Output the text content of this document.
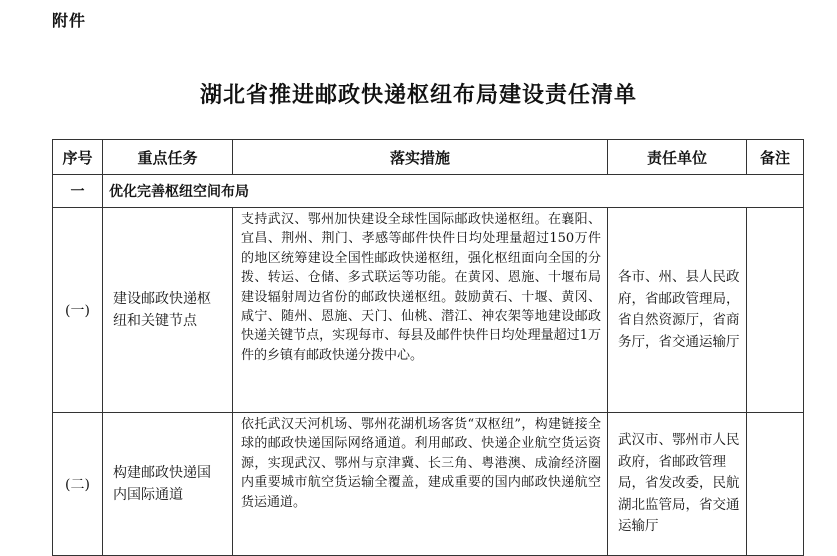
附件
湖北省推进邮政快递枢纽布局建设责任清单
序号	重点任务	落实措施	责任单位	备注
一	优化完善枢纽空间布局			
(一)	建设邮政快递枢纽和关键节点	支持武汉、鄂州加快建设全球性国际邮政快递枢纽。在襄阳、宜昌、荆州、荆门、孝感等邮件快件日均处理量超过150万件的地区统筹建设全国性邮政快递枢纽，强化枢纽面向全国的分拨、转运、仓储、多式联运等功能。在黄冈、恩施、十堰布局建设辐射周边省份的邮政快递枢纽。鼓励黄石、十堰、黄冈、咸宁、随州、恩施、天门、仙桃、潜江、神农架等地建设邮政快递关键节点，实现每市、每县及邮件快件日均处理量超过1万件的乡镇有邮政快递分拨中心。	各市、州、县人民政府，省邮政管理局，省自然资源厅，省商务厅，省交通运输厅	
(二)	构建邮政快递国内国际通道	依托武汉天河机场、鄂州花湖机场客货“双枢纽”，构建链接全球的邮政快递国际网络通道。利用邮政、快递企业航空货运资源，实现武汉、鄂州与京津冀、长三角、粤港澳、成渝经济圈内重要城市航空货运输全覆盖，建成重要的国内邮政快递航空货运通道。	武汉市、鄂州市人民政府，省邮政管理局，省发改委，民航湖北监管局，省交通运输厅	
